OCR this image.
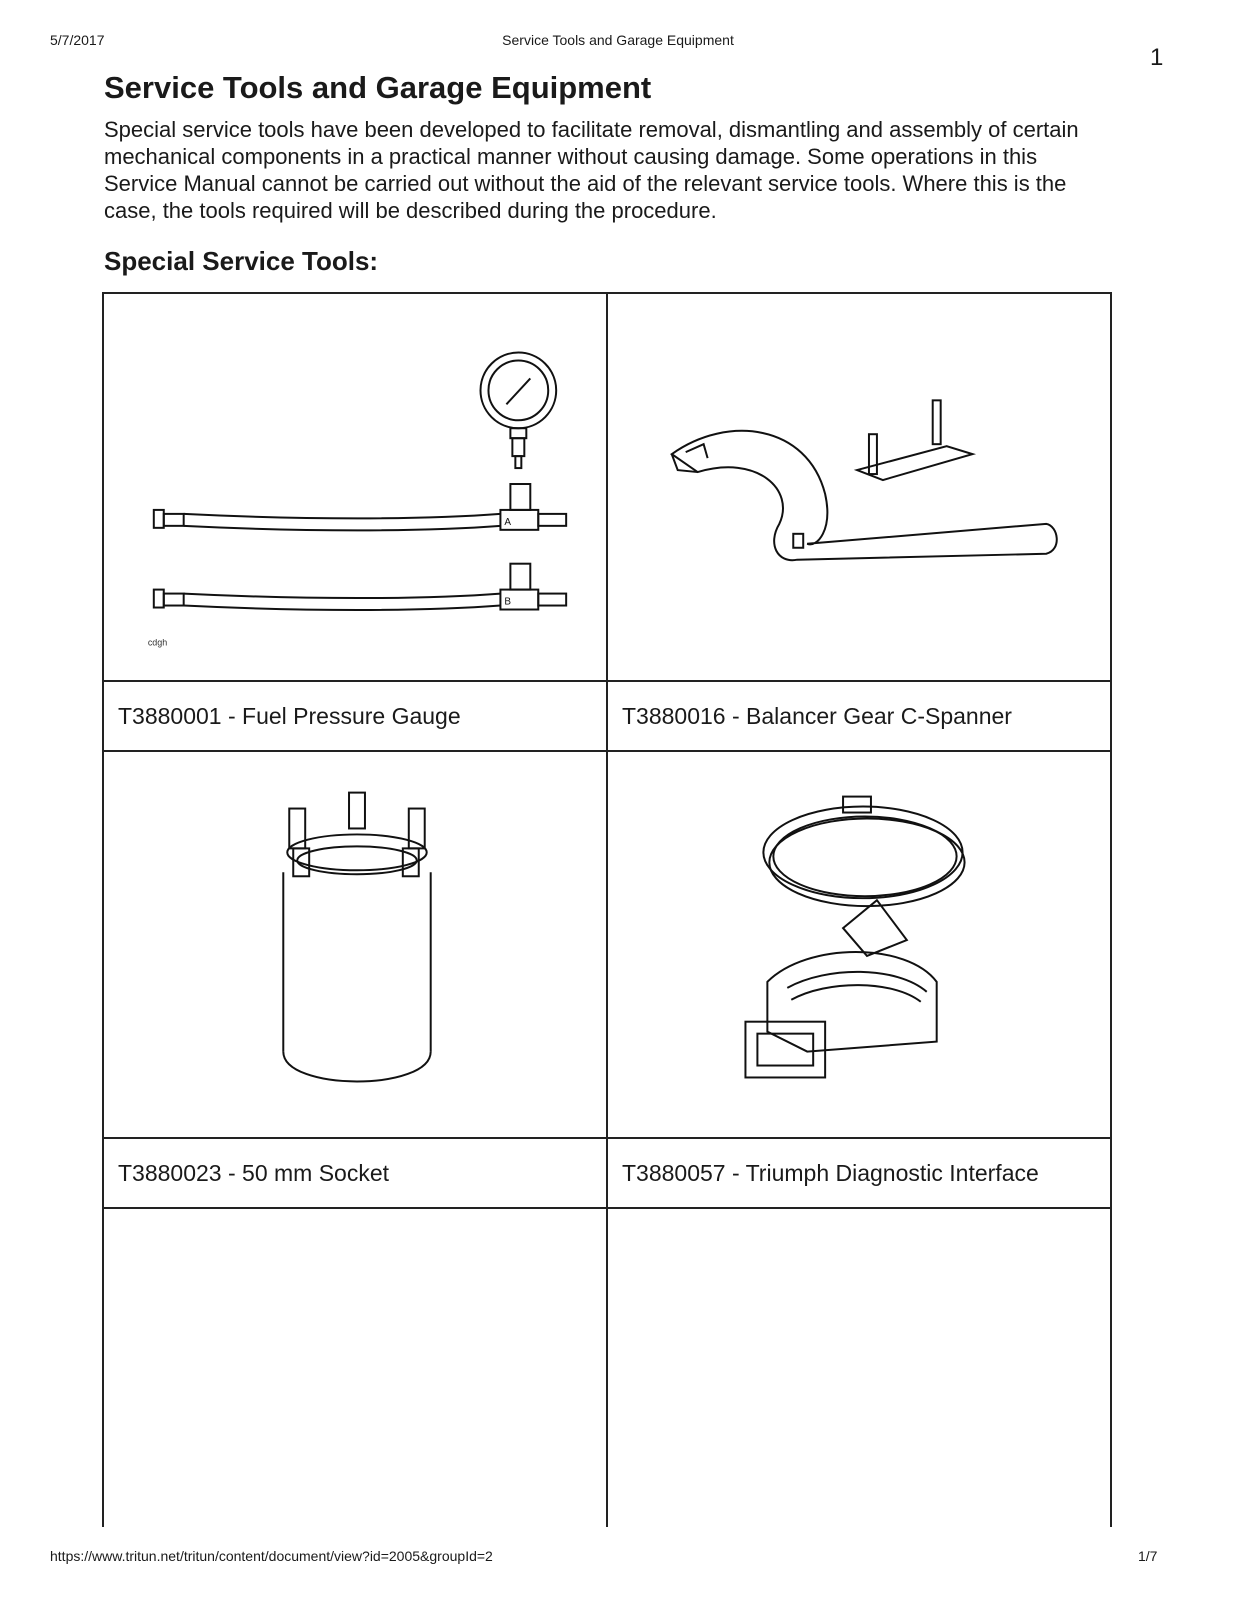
5/7/2017	Service Tools and Garage Equipment
1
Service Tools and Garage Equipment

Special service tools have been developed to facilitate removal, dismantling and assembly of certain mechanical components in a practical manner without causing damage. Some operations in this Service Manual cannot be carried out without the aid of the relevant service tools. Where this is the case, the tools required will be described during the procedure.

Special Service Tools:
A
B
cdgh

T3880001 - Fuel Pressure Gauge	T3880016 - Balancer Gear C-Spanner

T3880023 - 50 mm Socket	T3880057 - Triumph Diagnostic Interface

https://www.tritun.net/tritun/content/document/view?id=2005&groupId=2	1/7
